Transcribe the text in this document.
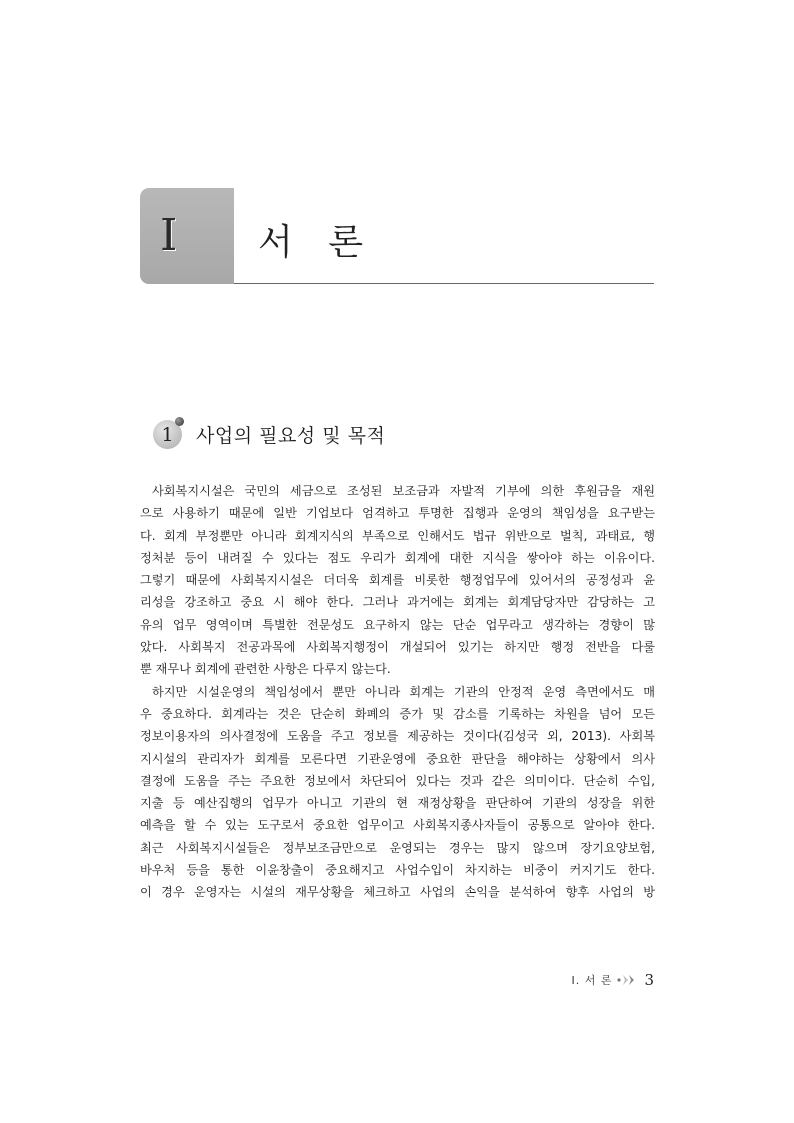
Ⅰ 서 론
1 사업의 필요성 및 목적
사회복지시설은 국민의 세금으로 조성된 보조금과 자발적 기부에 의한 후원금을 재원
으로 사용하기 때문에 일반 기업보다 엄격하고 투명한 집행과 운영의 책임성을 요구받는
다. 회계 부정뿐만 아니라 회계지식의 부족으로 인해서도 법규 위반으로 벌칙, 과태료, 행
정처분 등이 내려질 수 있다는 점도 우리가 회계에 대한 지식을 쌓아야 하는 이유이다.
그렇기 때문에 사회복지시설은 더더욱 회계를 비롯한 행정업무에 있어서의 공정성과 윤
리성을 강조하고 중요 시 해야 한다. 그러나 과거에는 회계는 회계담당자만 감당하는 고
유의 업무 영역이며 특별한 전문성도 요구하지 않는 단순 업무라고 생각하는 경향이 많
았다. 사회복지 전공과목에 사회복지행정이 개설되어 있기는 하지만 행정 전반을 다룰
뿐 재무나 회계에 관련한 사항은 다루지 않는다.
하지만 시설운영의 책임성에서 뿐만 아니라 회계는 기관의 안정적 운영 측면에서도 매
우 중요하다. 회계라는 것은 단순히 화폐의 증가 및 감소를 기록하는 차원을 넘어 모든
정보이용자의 의사결정에 도움을 주고 정보를 제공하는 것이다(김성국 외, 2013). 사회복
지시설의 관리자가 회계를 모른다면 기관운영에 중요한 판단을 해야하는 상황에서 의사
결정에 도움을 주는 주요한 정보에서 차단되어 있다는 것과 같은 의미이다. 단순히 수입,
지출 등 예산집행의 업무가 아니고 기관의 현 재정상황을 판단하여 기관의 성장을 위한
예측을 할 수 있는 도구로서 중요한 업무이고 사회복지종사자들이 공통으로 알아야 한다.
최근 사회복지시설들은 정부보조금만으로 운영되는 경우는 많지 않으며 장기요양보험,
바우처 등을 통한 이윤창출이 중요해지고 사업수입이 차지하는 비중이 커지기도 한다.
이 경우 운영자는 시설의 재무상황을 체크하고 사업의 손익을 분석하여 향후 사업의 방
Ⅰ. 서 론 3
